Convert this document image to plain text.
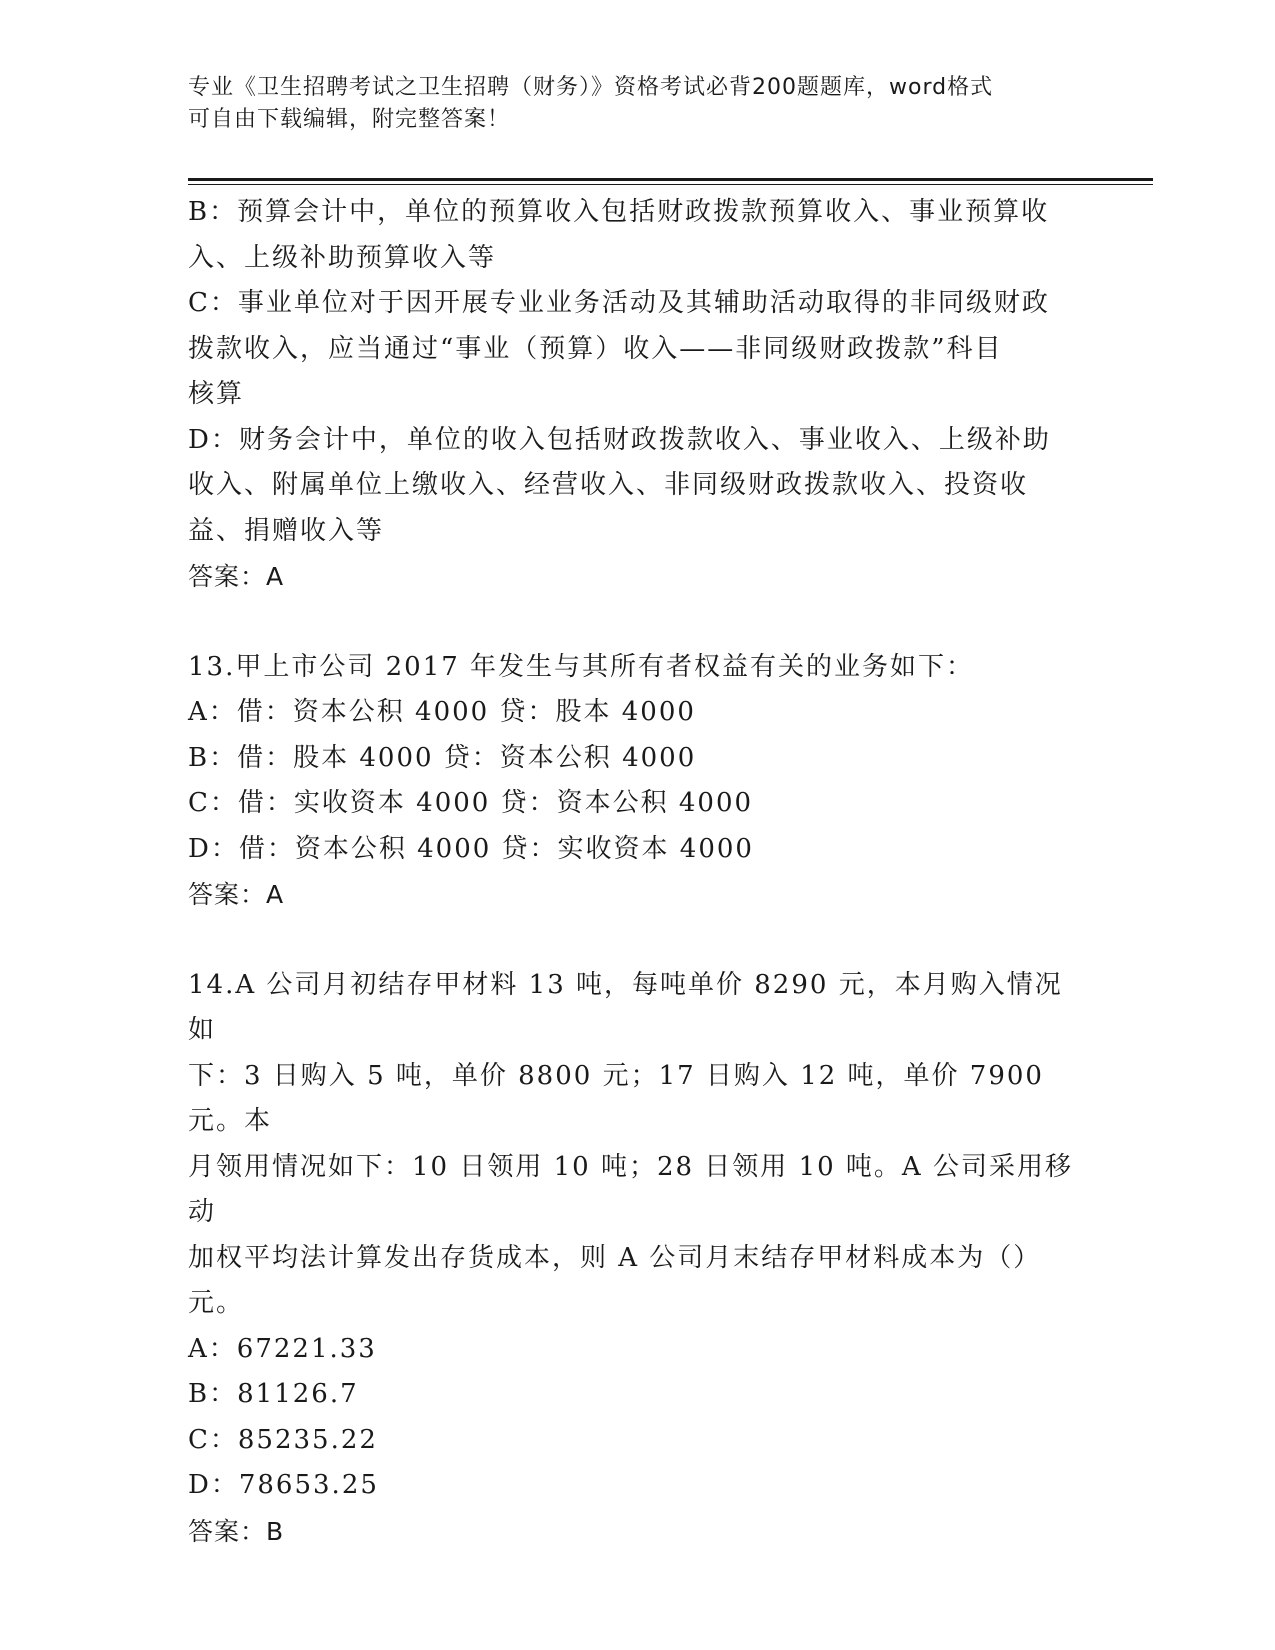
专业《卫生招聘考试之卫生招聘（财务）》资格考试必背200题题库，word格式
可自由下载编辑，附完整答案！
B：预算会计中，单位的预算收入包括财政拨款预算收入、事业预算收
入、上级补助预算收入等
C：事业单位对于因开展专业业务活动及其辅助活动取得的非同级财政
拨款收入，应当通过“事业（预算）收入——非同级财政拨款”科目
核算
D：财务会计中，单位的收入包括财政拨款收入、事业收入、上级补助
收入、附属单位上缴收入、经营收入、非同级财政拨款收入、投资收
益、捐赠收入等
答案：A
13.甲上市公司 2017 年发生与其所有者权益有关的业务如下：
A：借：资本公积 4000 贷：股本 4000
B：借：股本 4000 贷：资本公积 4000
C：借：实收资本 4000 贷：资本公积 4000
D：借：资本公积 4000 贷：实收资本 4000
答案：A
14.A 公司月初结存甲材料 13 吨，每吨单价 8290 元，本月购入情况如
下：3 日购入 5 吨，单价 8800 元；17 日购入 12 吨，单价 7900 元。本
月领用情况如下：10 日领用 10 吨；28 日领用 10 吨。A 公司采用移动
加权平均法计算发出存货成本，则 A 公司月末结存甲材料成本为（）
元。
A：67221.33
B：81126.7
C：85235.22
D：78653.25
答案：B
